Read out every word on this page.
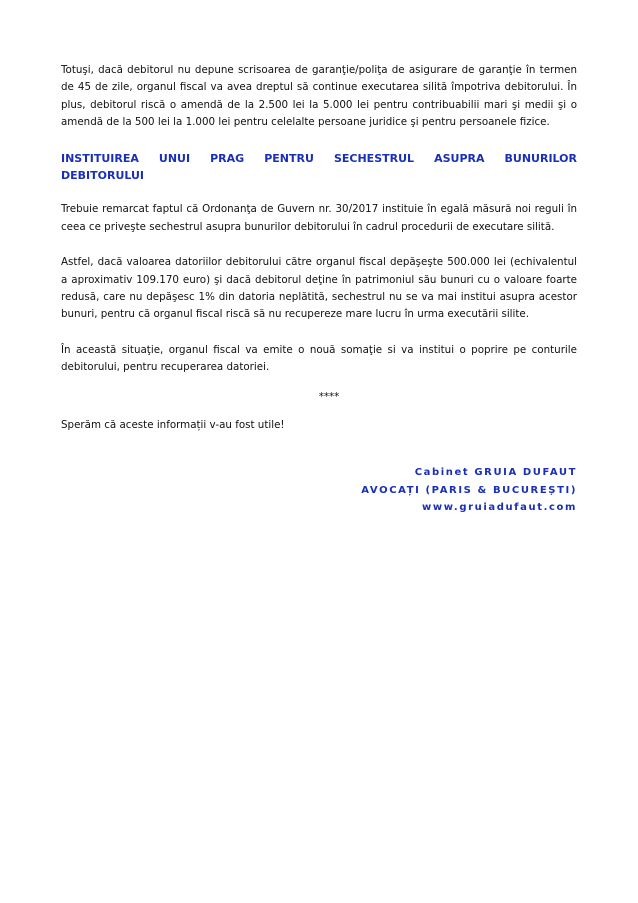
Totuşi, dacă debitorul nu depune scrisoarea de garanţie/poliţa de asigurare de garanţie în termen de 45 de zile, organul fiscal va avea dreptul să continue executarea silită împotriva debitorului. În plus, debitorul riscă o amendă de la 2.500 lei la 5.000 lei pentru contribuabilii mari şi medii şi o amendă de la 500 lei la 1.000 lei pentru celelalte persoane juridice şi pentru persoanele fizice.

INSTITUIREA UNUI PRAG PENTRU SECHESTRUL ASUPRA BUNURILOR
DEBITORULUI

Trebuie remarcat faptul că Ordonanţa de Guvern nr. 30/2017 instituie în egală măsură noi reguli în ceea ce priveşte sechestrul asupra bunurilor debitorului în cadrul procedurii de executare silită.

Astfel, dacă valoarea datoriilor debitorului către organul fiscal depăşeşte 500.000 lei (echivalentul a aproximativ 109.170 euro) şi dacă debitorul deţine în patrimoniul său bunuri cu o valoare foarte redusă, care nu depăşesc 1% din datoria neplătită, sechestrul nu se va mai institui asupra acestor bunuri, pentru că organul fiscal riscă să nu recupereze mare lucru în urma executării silite.

În această situaţie, organul fiscal va emite o nouă somaţie si va institui o poprire pe conturile debitorului, pentru recuperarea datoriei.

****

Sperăm că aceste informații v-au fost utile!

Cabinet GRUIA DUFAUT
AVOCAȚI (PARIS & BUCUREȘTI)
www.gruiadufaut.com
